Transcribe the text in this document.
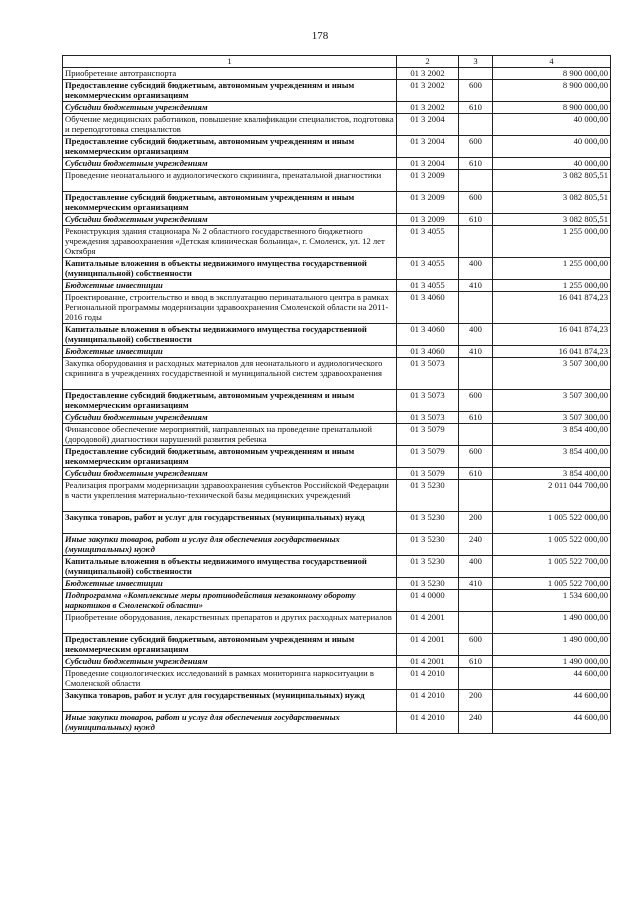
178
1	2	3	4
Приобретение автотранспорта	01 3 2002		8 900 000,00
Предоставление субсидий бюджетным, автономным учреждениям и иным некоммерческим организациям	01 3 2002	600	8 900 000,00
Субсидии бюджетным учреждениям	01 3 2002	610	8 900 000,00
Обучение медицинских работников, повышение квалификации специалистов, подготовка и переподготовка специалистов	01 3 2004		40 000,00
Предоставление субсидий бюджетным, автономным учреждениям и иным некоммерческим организациям	01 3 2004	600	40 000,00
Субсидии бюджетным учреждениям	01 3 2004	610	40 000,00
Проведение неонатального и аудиологического скрининга, пренатальной диагностики	01 3 2009		3 082 805,51
Предоставление субсидий бюджетным, автономным учреждениям и иным некоммерческим организациям	01 3 2009	600	3 082 805,51
Субсидии бюджетным учреждениям	01 3 2009	610	3 082 805,51
Реконструкция здания стационара № 2 областного государственного бюджетного учреждения здравоохранения «Детская клиническая больница», г. Смоленск, ул. 12 лет Октября	01 3 4055		1 255 000,00
Капитальные вложения в объекты недвижимого имущества государственной (муниципальной) собственности	01 3 4055	400	1 255 000,00
Бюджетные инвестиции	01 3 4055	410	1 255 000,00
Проектирование, строительство и ввод в эксплуатацию перинатального центра в рамках Региональной программы модернизации здравоохранения Смоленской области на 2011-2016 годы	01 3 4060		16 041 874,23
Капитальные вложения в объекты недвижимого имущества государственной (муниципальной) собственности	01 3 4060	400	16 041 874,23
Бюджетные инвестиции	01 3 4060	410	16 041 874,23
Закупка оборудования и расходных материалов для неонатального и аудиологического скрининга в учреждениях государственной и муниципальной систем здравоохранения	01 3 5073		3 507 300,00
Предоставление субсидий бюджетным, автономным учреждениям и иным некоммерческим организациям	01 3 5073	600	3 507 300,00
Субсидии бюджетным учреждениям	01 3 5073	610	3 507 300,00
Финансовое обеспечение мероприятий, направленных на проведение пренатальной (дородовой) диагностики нарушений развития ребенка	01 3 5079		3 854 400,00
Предоставление субсидий бюджетным, автономным учреждениям и иным некоммерческим организациям	01 3 5079	600	3 854 400,00
Субсидии бюджетным учреждениям	01 3 5079	610	3 854 400,00
Реализация программ модернизации здравоохранения субъектов Российской Федерации в части укрепления материально-технической базы медицинских учреждений	01 3 5230		2 011 044 700,00
Закупка товаров, работ и услуг для государственных (муниципальных) нужд	01 3 5230	200	1 005 522 000,00
Иные закупки товаров, работ и услуг для обеспечения государственных (муниципальных) нужд	01 3 5230	240	1 005 522 000,00
Капитальные вложения в объекты недвижимого имущества государственной (муниципальной) собственности	01 3 5230	400	1 005 522 700,00
Бюджетные инвестиции	01 3 5230	410	1 005 522 700,00
Подпрограмма «Комплексные меры противодействия незаконному обороту наркотиков в Смоленской области»	01 4 0000		1 534 600,00
Приобретение оборудования, лекарственных препаратов и других расходных материалов	01 4 2001		1 490 000,00
Предоставление субсидий бюджетным, автономным учреждениям и иным некоммерческим организациям	01 4 2001	600	1 490 000,00
Субсидии бюджетным учреждениям	01 4 2001	610	1 490 000,00
Проведение социологических исследований в рамках мониторинга наркоситуации в Смоленской области	01 4 2010		44 600,00
Закупка товаров, работ и услуг для государственных (муниципальных) нужд	01 4 2010	200	44 600,00
Иные закупки товаров, работ и услуг для обеспечения государственных (муниципальных) нужд	01 4 2010	240	44 600,00
